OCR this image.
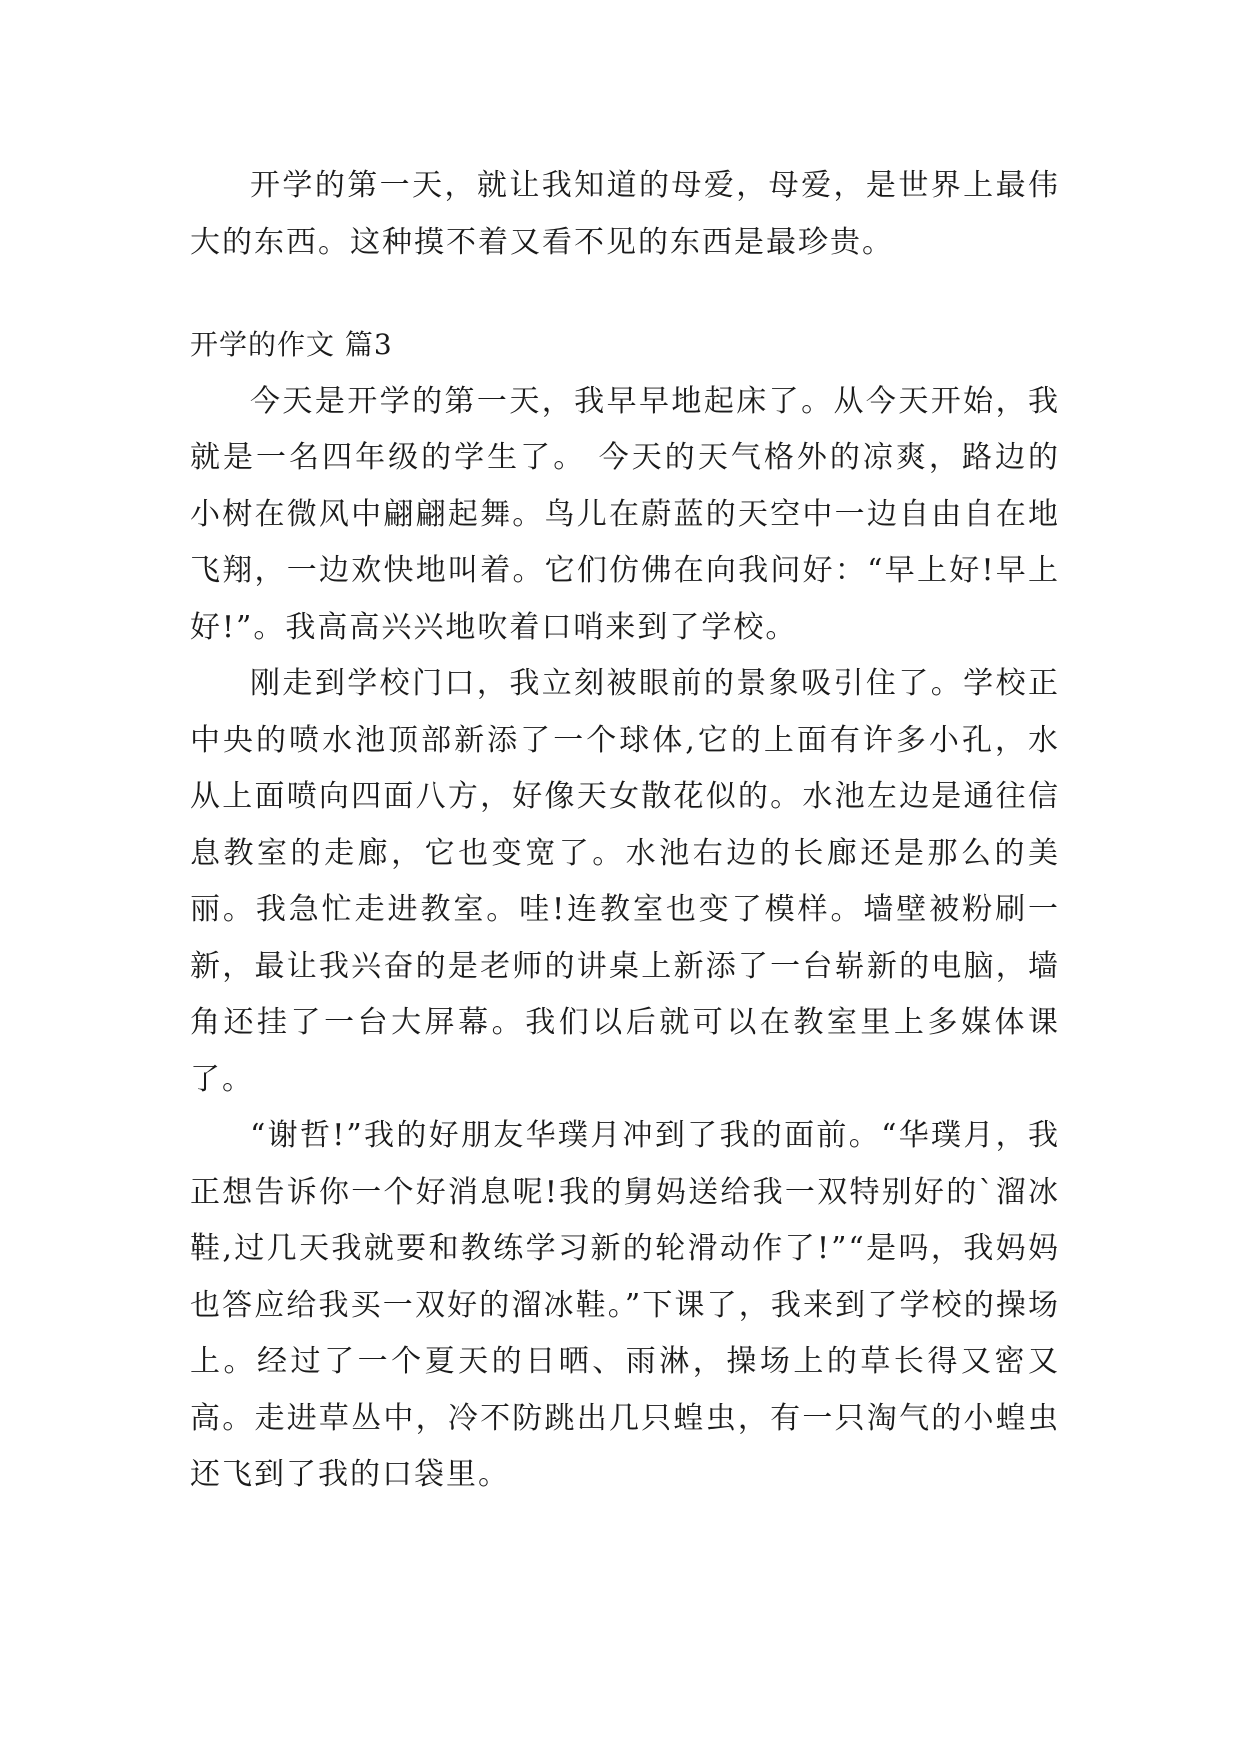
开学的第一天，就让我知道的母爱，母爱，是世界上最伟大的东西。这种摸不着又看不见的东西是最珍贵。

开学的作文 篇3

今天是开学的第一天，我早早地起床了。从今天开始，我就是一名四年级的学生了。 今天的天气格外的凉爽，路边的小树在微风中翩翩起舞。鸟儿在蔚蓝的天空中一边自由自在地飞翔，一边欢快地叫着。它们仿佛在向我问好：“早上好!早上好!”。我高高兴兴地吹着口哨来到了学校。

刚走到学校门口，我立刻被眼前的景象吸引住了。学校正中央的喷水池顶部新添了一个球体,它的上面有许多小孔，水从上面喷向四面八方，好像天女散花似的。水池左边是通往信息教室的走廊，它也变宽了。水池右边的长廊还是那么的美丽。我急忙走进教室。哇!连教室也变了模样。墙壁被粉刷一新，最让我兴奋的是老师的讲桌上新添了一台崭新的电脑，墙角还挂了一台大屏幕。我们以后就可以在教室里上多媒体课了。

“谢哲!”我的好朋友华璞月冲到了我的面前。“华璞月，我正想告诉你一个好消息呢!我的舅妈送给我一双特别好的`溜冰鞋,过几天我就要和教练学习新的轮滑动作了!”“是吗，我妈妈也答应给我买一双好的溜冰鞋。”下课了，我来到了学校的操场上。经过了一个夏天的日晒、雨淋，操场上的草长得又密又高。走进草丛中，冷不防跳出几只蝗虫，有一只淘气的小蝗虫还飞到了我的口袋里。
